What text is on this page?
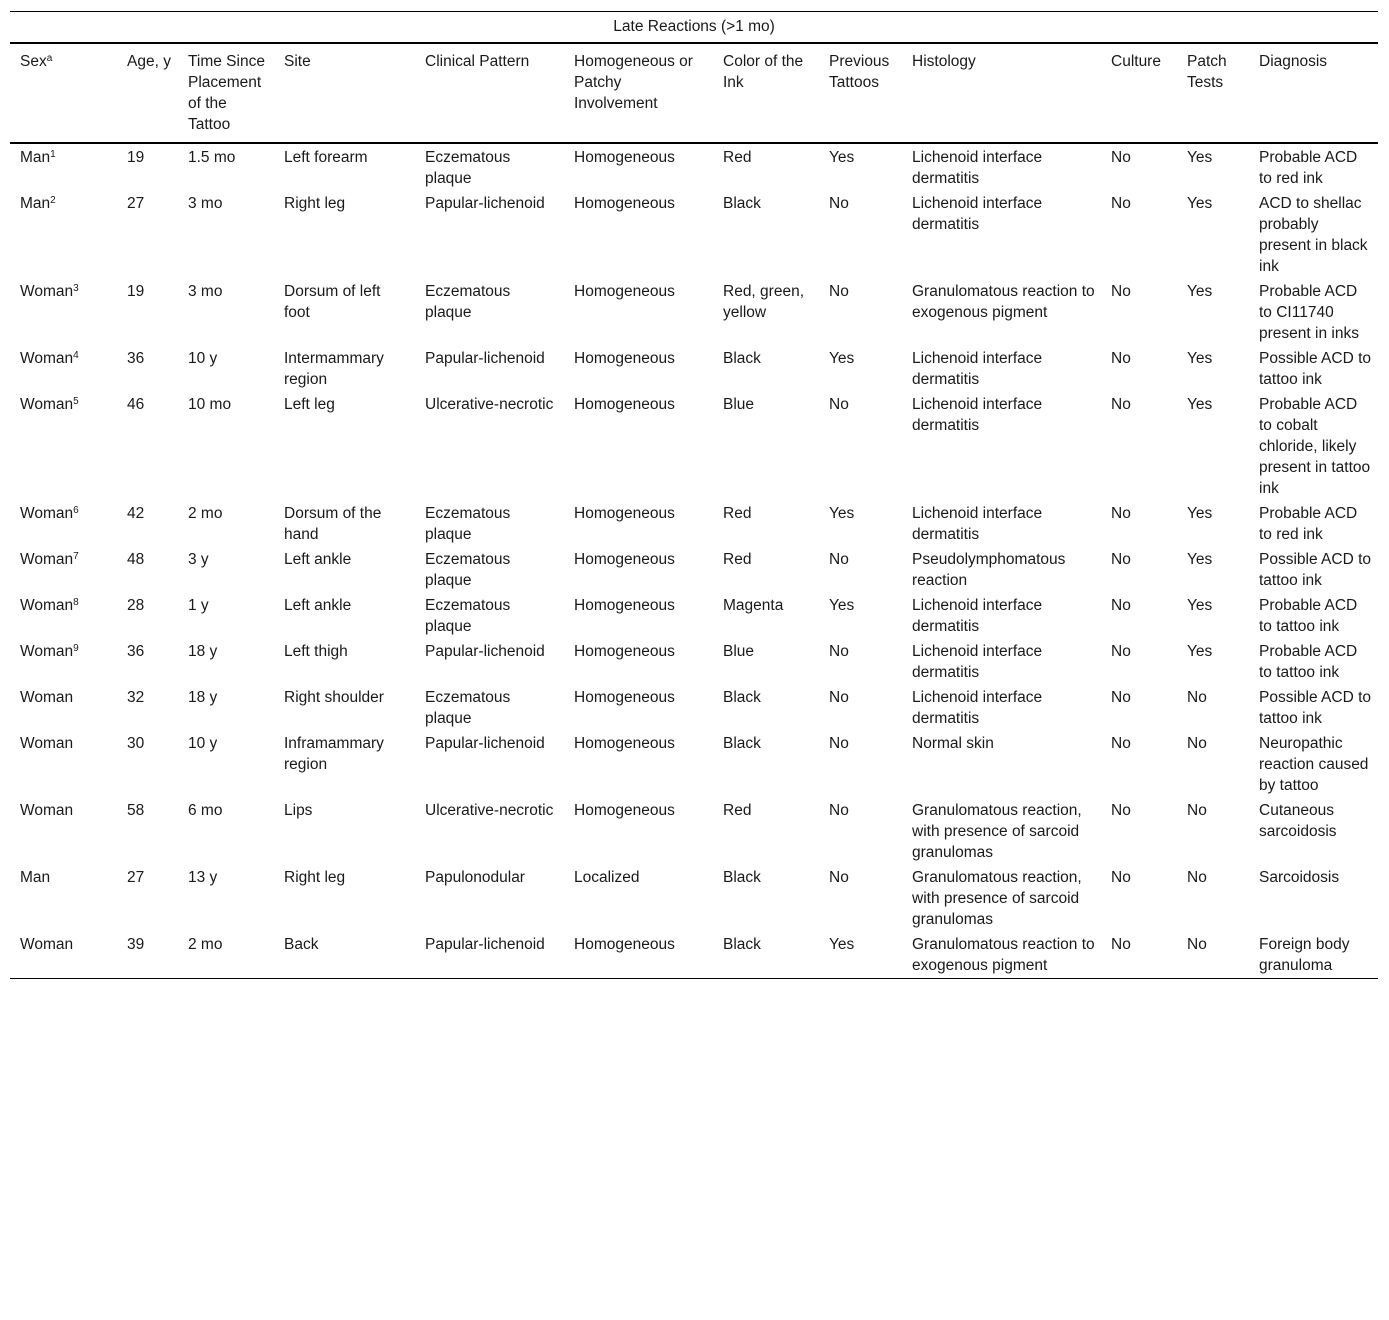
Late Reactions (>1 mo)											
Sex$^a$	Age, y	Time Since Placement of the Tattoo	Site	Clinical Pattern	Homogeneous or Patchy Involvement	Color of the Ink	Previous Tattoos	Histology	Culture	Patch Tests	Diagnosis
Man$^1$	19	1.5 mo	Left forearm	Eczematous plaque	Homogeneous	Red	Yes	Lichenoid interface dermatitis	No	Yes	Probable ACD to red ink
Man$^2$	27	3 mo	Right leg	Papular-lichenoid	Homogeneous	Black	No	Lichenoid interface dermatitis	No	Yes	ACD to shellac probably present in black ink
Woman$^3$	19	3 mo	Dorsum of left foot	Eczematous plaque	Homogeneous	Red, green, yellow	No	Granulomatous reaction to exogenous pigment	No	Yes	Probable ACD to CI11740 present in inks
Woman$^4$	36	10 y	Intermammary region	Papular-lichenoid	Homogeneous	Black	Yes	Lichenoid interface dermatitis	No	Yes	Possible ACD to tattoo ink
Woman$^5$	46	10 mo	Left leg	Ulcerative-necrotic	Homogeneous	Blue	No	Lichenoid interface dermatitis	No	Yes	Probable ACD to cobalt chloride, likely present in tattoo ink
Woman$^6$	42	2 mo	Dorsum of the hand	Eczematous plaque	Homogeneous	Red	Yes	Lichenoid interface dermatitis	No	Yes	Probable ACD to red ink
Woman$^7$	48	3 y	Left ankle	Eczematous plaque	Homogeneous	Red	No	Pseudolymphomatous reaction	No	Yes	Possible ACD to tattoo ink
Woman$^8$	28	1 y	Left ankle	Eczematous plaque	Homogeneous	Magenta	Yes	Lichenoid interface dermatitis	No	Yes	Probable ACD to tattoo ink
Woman$^9$	36	18 y	Left thigh	Papular-lichenoid	Homogeneous	Blue	No	Lichenoid interface dermatitis	No	Yes	Probable ACD to tattoo ink
Woman	32	18 y	Right shoulder	Eczematous plaque	Homogeneous	Black	No	Lichenoid interface dermatitis	No	No	Possible ACD to tattoo ink
Woman	30	10 y	Inframammary region	Papular-lichenoid	Homogeneous	Black	No	Normal skin	No	No	Neuropathic reaction caused by tattoo
Woman	58	6 mo	Lips	Ulcerative-necrotic	Homogeneous	Red	No	Granulomatous reaction, with presence of sarcoid granulomas	No	No	Cutaneous sarcoidosis
Man	27	13 y	Right leg	Papulonodular	Localized	Black	No	Granulomatous reaction, with presence of sarcoid granulomas	No	No	Sarcoidosis
Woman	39	2 mo	Back	Papular-lichenoid	Homogeneous	Black	Yes	Granulomatous reaction to exogenous pigment	No	No	Foreign body granuloma
